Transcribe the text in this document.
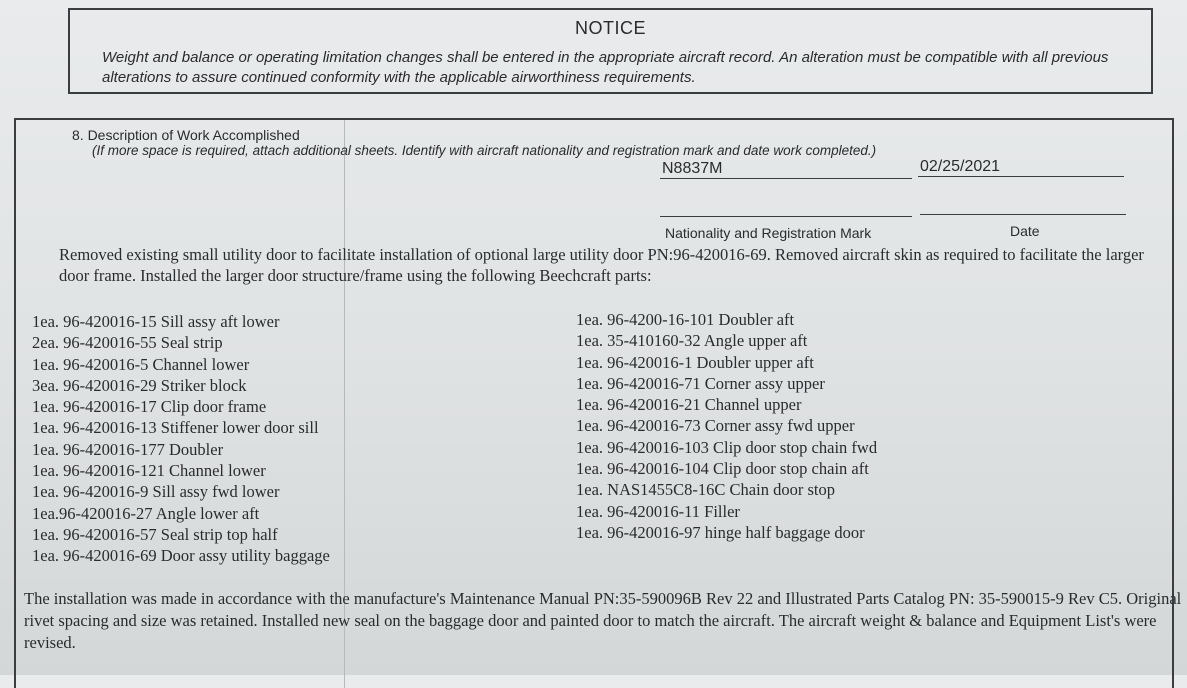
NOTICE
Weight and balance or operating limitation changes shall be entered in the appropriate aircraft record. An alteration must be compatible with all previous alterations to assure continued conformity with the applicable airworthiness requirements.
8. Description of Work Accomplished
(If more space is required, attach additional sheets. Identify with aircraft nationality and registration mark and date work completed.)
N8837M	02/25/2021
Nationality and Registration Mark	Date
Removed existing small utility door to facilitate installation of optional large utility door PN:96-420016-69. Removed aircraft skin as required to facilitate the larger door frame. Installed the larger door structure/frame using the following Beechcraft parts:
1ea. 96-420016-15 Sill assy aft lower
2ea. 96-420016-55 Seal strip
1ea. 96-420016-5 Channel lower
3ea. 96-420016-29 Striker block
1ea. 96-420016-17 Clip door frame
1ea. 96-420016-13 Stiffener lower door sill
1ea. 96-420016-177 Doubler
1ea. 96-420016-121 Channel lower
1ea. 96-420016-9 Sill assy fwd lower
1ea.96-420016-27 Angle lower aft
1ea. 96-420016-57 Seal strip top half
1ea. 96-420016-69 Door assy utility baggage
1ea. 96-4200-16-101 Doubler aft
1ea. 35-410160-32 Angle upper aft
1ea. 96-420016-1 Doubler upper aft
1ea. 96-420016-71 Corner assy upper
1ea. 96-420016-21 Channel upper
1ea. 96-420016-73 Corner assy fwd upper
1ea. 96-420016-103 Clip door stop chain fwd
1ea. 96-420016-104 Clip door stop chain aft
1ea. NAS1455C8-16C Chain door stop
1ea. 96-420016-11 Filler
1ea. 96-420016-97 hinge half baggage door
The installation was made in accordance with the manufacture's Maintenance Manual PN:35-590096B Rev 22 and Illustrated Parts Catalog PN: 35-590015-9 Rev C5. Original rivet spacing and size was retained. Installed new seal on the baggage door and painted door to match the aircraft. The aircraft weight & balance and Equipment List's were revised.
